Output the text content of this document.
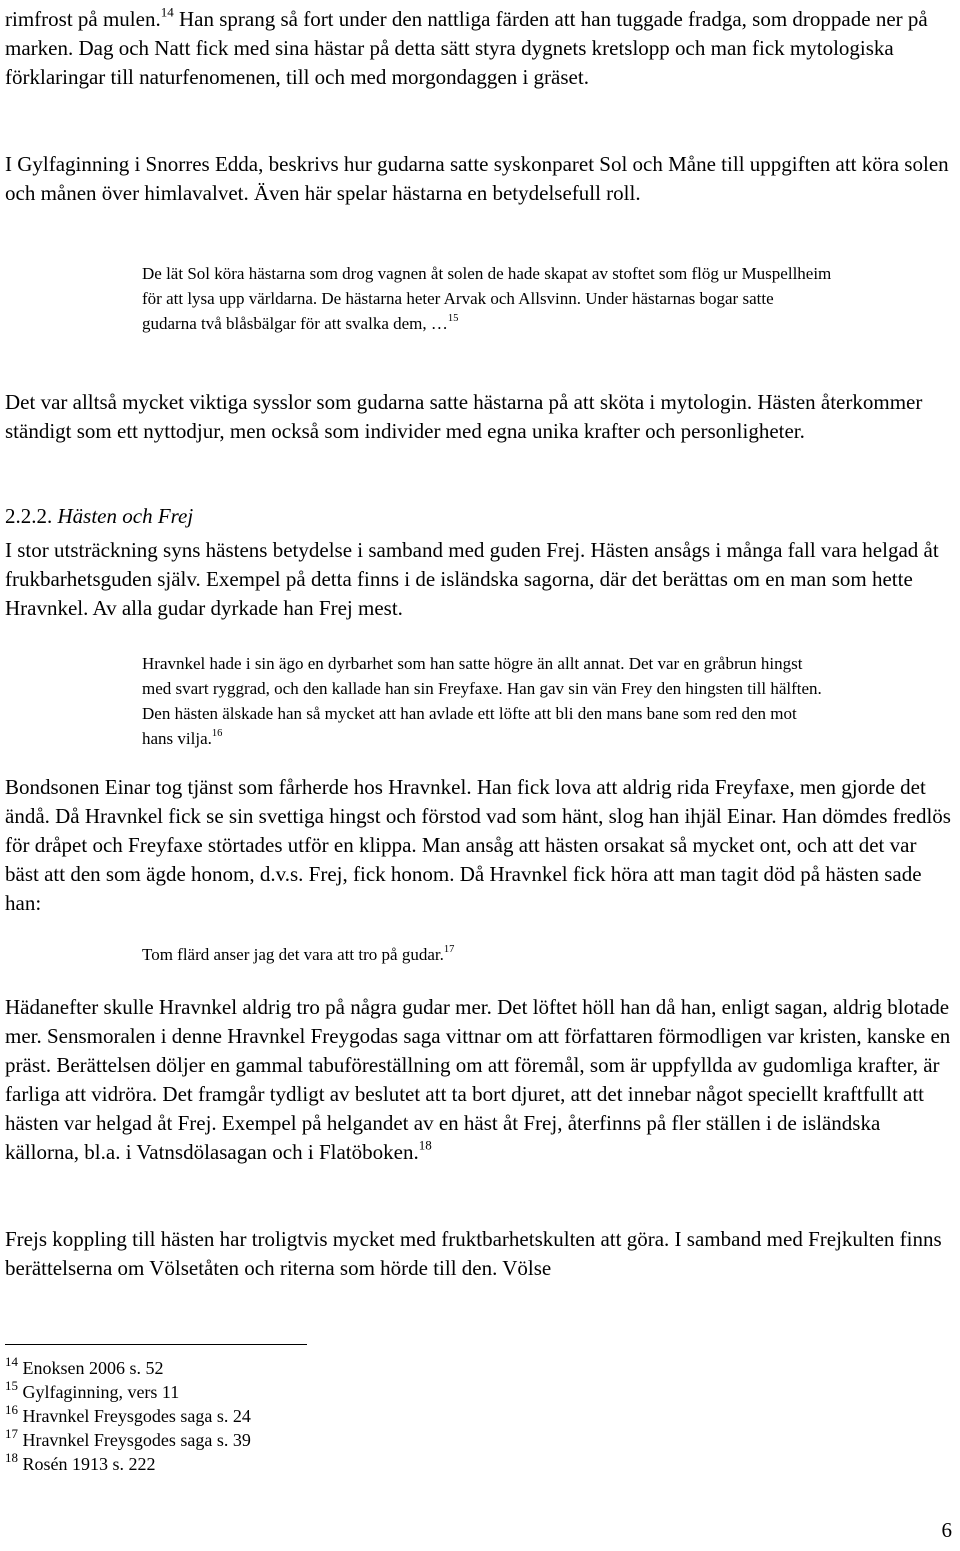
rimfrost på mulen.$^{14}$ Han sprang så fort under den nattliga färden att han tuggade fradga, som droppade ner på marken. Dag och Natt fick med sina hästar på detta sätt styra dygnets kretslopp och man fick mytologiska förklaringar till naturfenomenen, till och med morgondaggen i gräset.

I Gylfaginning i Snorres Edda, beskrivs hur gudarna satte syskonparet Sol och Måne till uppgiften att köra solen och månen över himlavalvet. Även här spelar hästarna en betydelsefull roll.

De lät Sol köra hästarna som drog vagnen åt solen de hade skapat av stoftet som flög ur Muspellheim för att lysa upp världarna. De hästarna heter Arvak och Allsvinn. Under hästarnas bogar satte gudarna två blåsbälgar för att svalka dem, …$^{15}$

Det var alltså mycket viktiga sysslor som gudarna satte hästarna på att sköta i mytologin. Hästen återkommer ständigt som ett nyttodjur, men också som individer med egna unika krafter och personligheter.

2.2.2. Hästen och Frej

I stor utsträckning syns hästens betydelse i samband med guden Frej. Hästen ansågs i många fall vara helgad åt frukbarhetsguden själv. Exempel på detta finns i de isländska sagorna, där det berättas om en man som hette Hravnkel. Av alla gudar dyrkade han Frej mest.

Hravnkel hade i sin ägo en dyrbarhet som han satte högre än allt annat. Det var en gråbrun hingst med svart ryggrad, och den kallade han sin Freyfaxe. Han gav sin vän Frey den hingsten till hälften. Den hästen älskade han så mycket att han avlade ett löfte att bli den mans bane som red den mot hans vilja.$^{16}$

Bondsonen Einar tog tjänst som fårherde hos Hravnkel. Han fick lova att aldrig rida Freyfaxe, men gjorde det ändå. Då Hravnkel fick se sin svettiga hingst och förstod vad som hänt, slog han ihjäl Einar. Han dömdes fredlös för dråpet och Freyfaxe störtades utför en klippa. Man ansåg att hästen orsakat så mycket ont, och att det var bäst att den som ägde honom, d.v.s. Frej, fick honom. Då Hravnkel fick höra att man tagit död på hästen sade han:

Tom flärd anser jag det vara att tro på gudar.$^{17}$

Hädanefter skulle Hravnkel aldrig tro på några gudar mer. Det löftet höll han då han, enligt sagan, aldrig blotade mer. Sensmoralen i denne Hravnkel Freygodas saga vittnar om att författaren förmodligen var kristen, kanske en präst. Berättelsen döljer en gammal tabuföreställning om att föremål, som är uppfyllda av gudomliga krafter, är farliga att vidröra. Det framgår tydligt av beslutet att ta bort djuret, att det innebar något speciellt kraftfullt att hästen var helgad åt Frej. Exempel på helgandet av en häst åt Frej, återfinns på fler ställen i de isländska källorna, bl.a. i Vatnsdölasagan och i Flatöboken.$^{18}$

Frejs koppling till hästen har troligtvis mycket med fruktbarhetskulten att göra. I samband med Frejkulten finns berättelserna om Völsetåten och riterna som hörde till den. Völse

$^{14}$ Enoksen 2006 s. 52
$^{15}$ Gylfaginning, vers 11
$^{16}$ Hravnkel Freysgodes saga s. 24
$^{17}$ Hravnkel Freysgodes saga s. 39
$^{18}$ Rosén 1913 s. 222
6
